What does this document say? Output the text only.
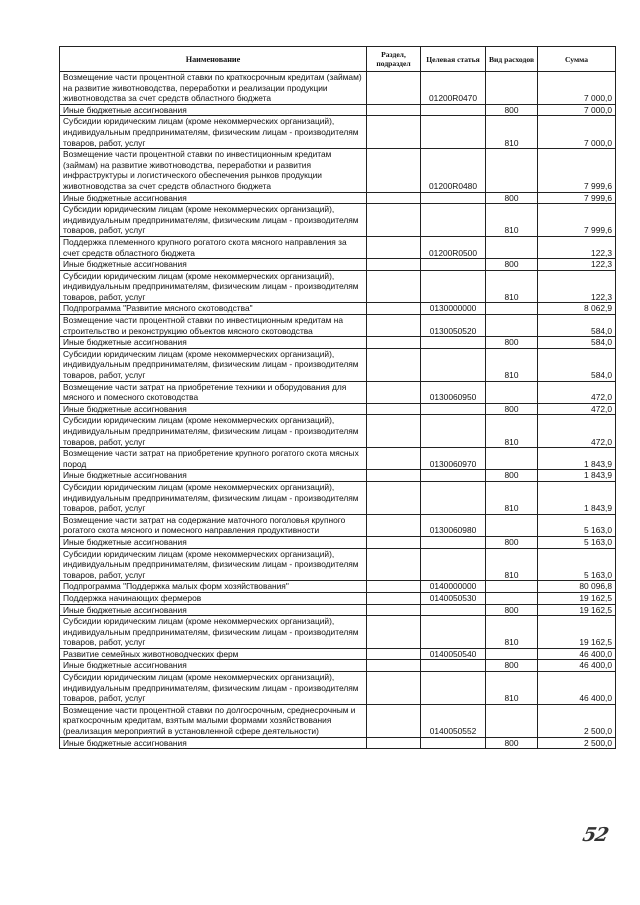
Наименование	Раздел, подраздел	Целевая статья	Вид расходов	Сумма
Возмещение части процентной ставки по краткосрочным кредитам (займам) на развитие животноводства, переработки и реализации продукции животноводства за счет средств областного бюджета		01200R0470		7 000,0
Иные бюджетные ассигнования			800	7 000,0
Субсидии юридическим лицам (кроме некоммерческих организаций), индивидуальным предпринимателям, физическим лицам - производителям товаров, работ, услуг			810	7 000,0
Возмещение части процентной ставки по инвестиционным кредитам (займам) на развитие животноводства, переработки и развития инфраструктуры и логистического обеспечения рынков продукции животноводства за счет средств областного бюджета		01200R0480		7 999,6
Иные бюджетные ассигнования			800	7 999,6
Субсидии юридическим лицам (кроме некоммерческих организаций), индивидуальным предпринимателям, физическим лицам - производителям товаров, работ, услуг			810	7 999,6
Поддержка племенного крупного рогатого скота мясного направления за счет средств областного бюджета		01200R0500		122,3
Иные бюджетные ассигнования			800	122,3
Субсидии юридическим лицам (кроме некоммерческих организаций), индивидуальным предпринимателям, физическим лицам - производителям товаров, работ, услуг			810	122,3
Подпрограмма "Развитие мясного скотоводства"		0130000000		8 062,9
Возмещение части процентной ставки по инвестиционным кредитам на строительство и реконструкцию объектов мясного скотоводства		0130050520		584,0
Иные бюджетные ассигнования			800	584,0
Субсидии юридическим лицам (кроме некоммерческих организаций), индивидуальным предпринимателям, физическим лицам - производителям товаров, работ, услуг			810	584,0
Возмещение части затрат на приобретение техники и оборудования для мясного и помесного скотоводства		0130060950		472,0
Иные бюджетные ассигнования			800	472,0
Субсидии юридическим лицам (кроме некоммерческих организаций), индивидуальным предпринимателям, физическим лицам - производителям товаров, работ, услуг			810	472,0
Возмещение части затрат на приобретение крупного рогатого скота мясных пород		0130060970		1 843,9
Иные бюджетные ассигнования			800	1 843,9
Субсидии юридическим лицам (кроме некоммерческих организаций), индивидуальным предпринимателям, физическим лицам - производителям товаров, работ, услуг			810	1 843,9
Возмещение части затрат на содержание маточного поголовья крупного рогатого скота мясного и помесного направления продуктивности		0130060980		5 163,0
Иные бюджетные ассигнования			800	5 163,0
Субсидии юридическим лицам (кроме некоммерческих организаций), индивидуальным предпринимателям, физическим лицам - производителям товаров, работ, услуг			810	5 163,0
Подпрограмма "Поддержка малых форм хозяйствования"		0140000000		80 096,8
Поддержка начинающих фермеров		0140050530		19 162,5
Иные бюджетные ассигнования			800	19 162,5
Субсидии юридическим лицам (кроме некоммерческих организаций), индивидуальным предпринимателям, физическим лицам - производителям товаров, работ, услуг			810	19 162,5
Развитие семейных животноводческих ферм		0140050540		46 400,0
Иные бюджетные ассигнования			800	46 400,0
Субсидии юридическим лицам (кроме некоммерческих организаций), индивидуальным предпринимателям, физическим лицам - производителям товаров, работ, услуг			810	46 400,0
Возмещение части процентной ставки по долгосрочным, среднесрочным и краткосрочным кредитам, взятым малыми формами хозяйствования (реализация мероприятий в установленной сфере деятельности)		0140050552		2 500,0
Иные бюджетные ассигнования			800	2 500,0
52
